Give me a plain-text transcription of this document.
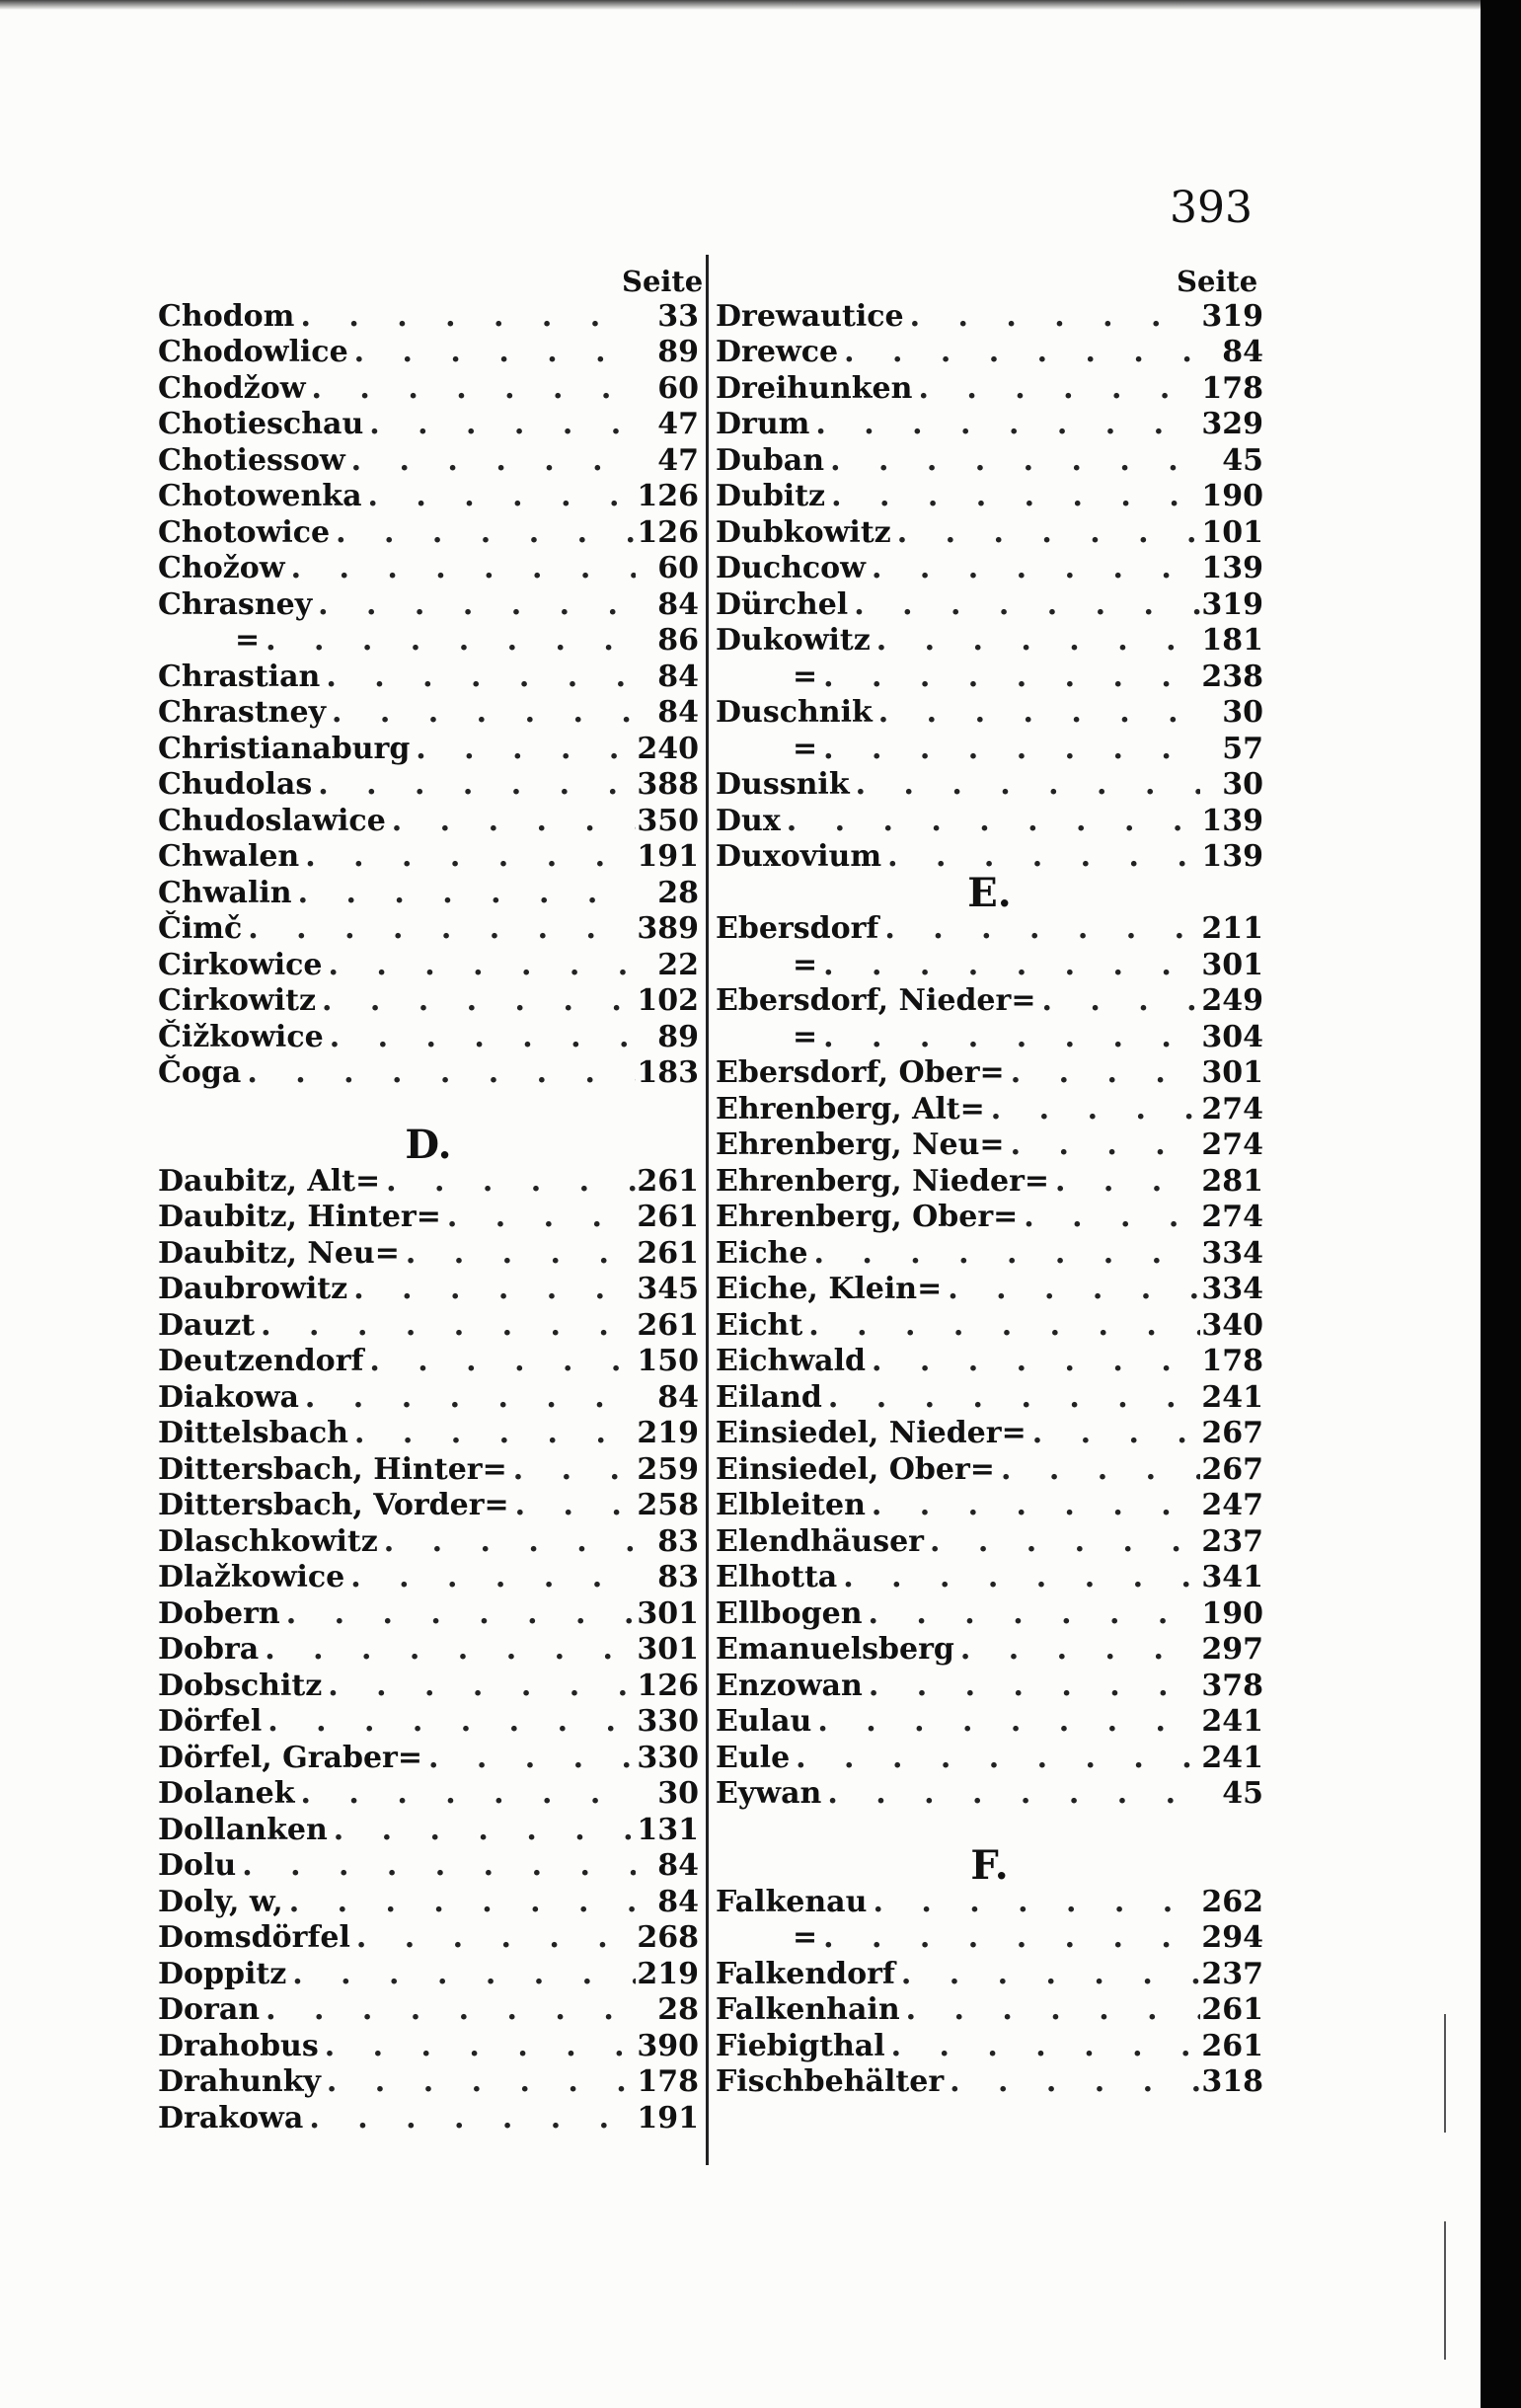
393
Seite	Seite
Chodom . . .	33
Chodowlice . . .	89
Chodžow . . .	60
Chotieschau . . .	47
Chotiessow . . .	47
Chotowenka . . .	126
Chotowice . . .	126
Chožow . . .	60
Chrasney . . .	84
= . . .	86
Chrastian . . .	84
Chrastney . . .	84
Christianaburg . . .	240
Chudolas . . .	388
Chudoslawice . . .	350
Chwalen . . .	191
Chwalin . . .	28
Čimč . . .	389
Cirkowice . . .	22
Cirkowitz . . .	102
Čižkowice . . .	89
Čoga . . .	183
D.
Daubitz, Alt= . . .	261
Daubitz, Hinter= . . .	261
Daubitz, Neu= . . .	261
Daubrowitz . . .	345
Dauzt . . .	261
Deutzendorf . . .	150
Diakowa . . .	84
Dittelsbach . . .	219
Dittersbach, Hinter= . . .	259
Dittersbach, Vorder= . . .	258
Dlaschkowitz . . .	83
Dlažkowice . . .	83
Dobern . . .	301
Dobra . . .	301
Dobschitz . . .	126
Dörfel . . .	330
Dörfel, Graber= . . .	330
Dolanek . . .	30
Dollanken . . .	131
Dolu . . .	84
Doly, w, . . .	84
Domsdörfel . . .	268
Doppitz . . .	219
Doran . . .	28
Drahobus . . .	390
Drahunky . . .	178
Drakowa . . .	191
Drewautice . . .	319
Drewce . . .	84
Dreihunken . . .	178
Drum . . .	329
Duban . . .	45
Dubitz . . .	190
Dubkowitz . . .	101
Duchcow . . .	139
Dürchel . . .	319
Dukowitz . . .	181
= . . .	238
Duschnik . . .	30
= . . .	57
Dussnik . . .	30
Dux . . .	139
Duxovium . . .	139
E.
Ebersdorf . . .	211
= . . .	301
Ebersdorf, Nieder= . . .	249
= . . .	304
Ebersdorf, Ober= . . .	301
Ehrenberg, Alt= . . .	274
Ehrenberg, Neu= . . .	274
Ehrenberg, Nieder= . . .	281
Ehrenberg, Ober= . . .	274
Eiche . . .	334
Eiche, Klein= . . .	334
Eicht . . .	340
Eichwald . . .	178
Eiland . . .	241
Einsiedel, Nieder= . . .	267
Einsiedel, Ober= . . .	267
Elbleiten . . .	247
Elendhäuser . . .	237
Elhotta . . .	341
Ellbogen . . .	190
Emanuelsberg . . .	297
Enzowan . . .	378
Eulau . . .	241
Eule . . .	241
Eywan . . .	45
F.
Falkenau . . .	262
= . . .	294
Falkendorf . . .	237
Falkenhain . . .	261
Fiebigthal . . .	261
Fischbehälter . . .	318
